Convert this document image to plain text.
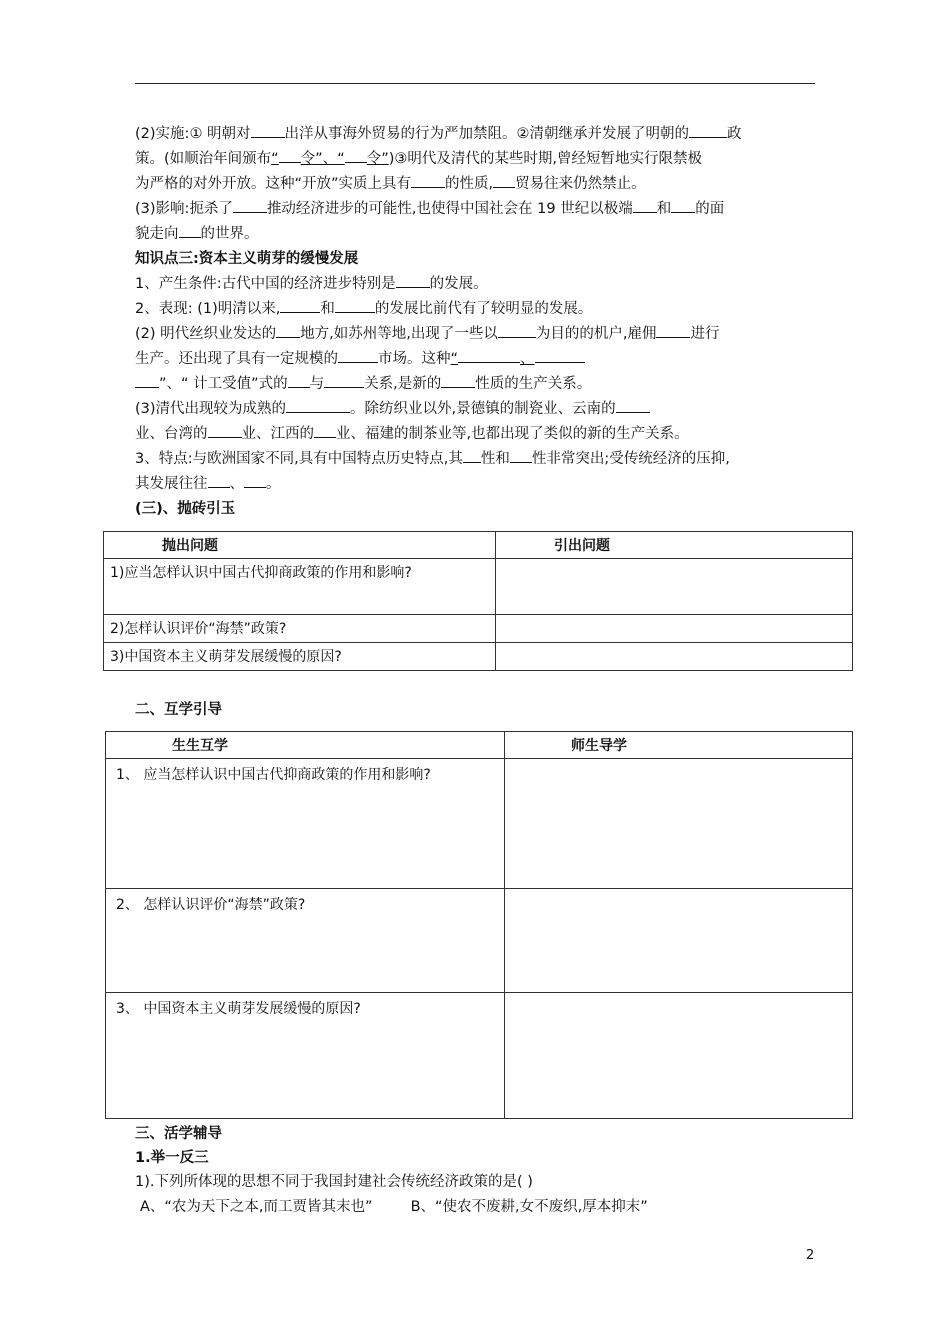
(2)实施:① 明朝对 出洋从事海外贸易的行为严加禁阻。②清朝继承并发展了明朝的	政
策。(如顺治年间颁布“ 令”、“ 令”)③明代及清代的某些时期,曾经短暂地实行限禁极
为严格的对外开放。这种“开放”实质上具有 的性质, 贸易往来仍然禁止。

(3)影响:扼杀了 推动经济进步的可能性,也使得中国社会在 19 世纪以极端 和 的面
貌走向 的世界。

知识点三:资本主义萌芽的缓慢发展

1、产生条件:古代中国的经济进步特别是 的发展。
2、表现: (1)明清以来,	和	的发展比前代有了较明显的发展。
(2) 明代丝织业发达的 地方,如苏州等地,出现了一些以	为目的的机户,雇佣 进行
生产。还出现了具有一定规模的	市场。这种“	、
”、“ 计工受值”式的 与	关系,是新的 性质的生产关系。
(3)清代出现较为成熟的	。除纺织业以外,景德镇的制瓷业、云南的
业、台湾的 业、江西的 业、福建的制茶业等,也都出现了类似的新的生产关系。
3、特点:与欧洲国家不同,具有中国特点历史特点,其 性和 性非常突出;受传统经济的压抑,
其发展往往 、 。

(三)、抛砖引玉

抛出问题	引出问题
1)应当怎样认识中国古代抑商政策的作用和影响?	
2)怎样认识评价“海禁”政策?	
3)中国资本主义萌芽发展缓慢的原因?	

二、互学引导

生生互学	师生导学

1、 应当怎样认识中国古代抑商政策的作用和影响?	

2、 怎样认识评价“海禁”政策?	
3、 中国资本主义萌芽发展缓慢的原因?	

三、活学辅导

1.举一反三

1).下列所体现的思想不同于我国封建社会传统经济政策的是( )

A、“农为天下之本,而工贾皆其末也”	B、“使农不废耕,女不废织,厚本抑末”

2
